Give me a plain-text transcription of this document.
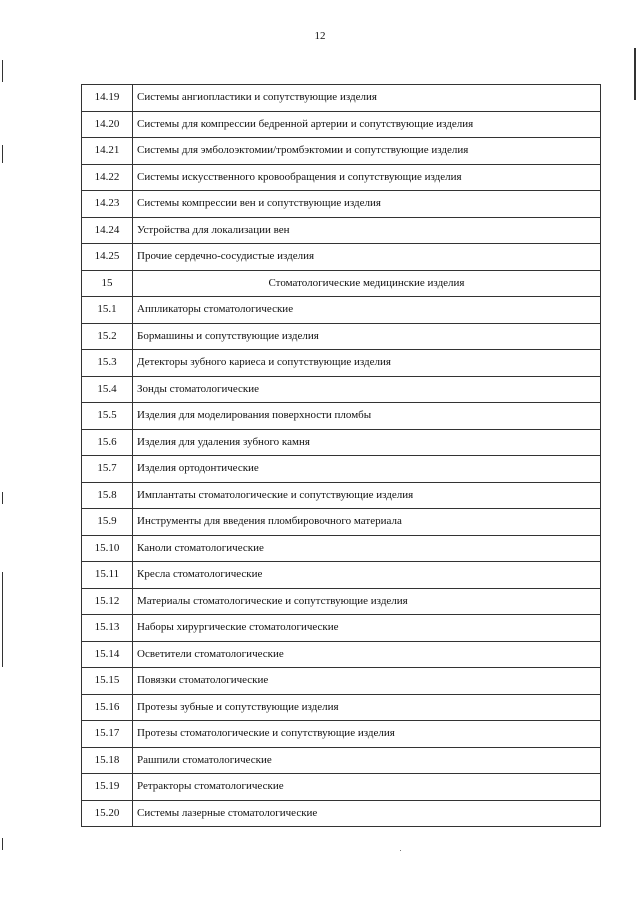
12
14.19	Системы ангиопластики и сопутствующие изделия
14.20	Системы для компрессии бедренной артерии и сопутствующие изделия
14.21	Системы для эмболоэктомии/тромбэктомии и сопутствующие изделия
14.22	Системы искусственного кровообращения и сопутствующие изделия
14.23	Системы компрессии вен и сопутствующие изделия
14.24	Устройства для локализации вен
14.25	Прочие сердечно-сосудистые изделия
15	Стоматологические медицинские изделия
15.1	Аппликаторы стоматологические
15.2	Бормашины и сопутствующие изделия
15.3	Детекторы зубного кариеса и сопутствующие изделия
15.4	Зонды стоматологические
15.5	Изделия для моделирования поверхности пломбы
15.6	Изделия для удаления зубного камня
15.7	Изделия ортодонтические
15.8	Имплантаты стоматологические и сопутствующие изделия
15.9	Инструменты для введения пломбировочного материала
15.10	Каноли стоматологические
15.11	Кресла стоматологические
15.12	Материалы стоматологические и сопутствующие изделия
15.13	Наборы хирургические стоматологические
15.14	Осветители стоматологические
15.15	Повязки стоматологические
15.16	Протезы зубные и сопутствующие изделия
15.17	Протезы стоматологические и сопутствующие изделия
15.18	Рашпили стоматологические
15.19	Ретракторы стоматологические
15.20	Системы лазерные стоматологические
